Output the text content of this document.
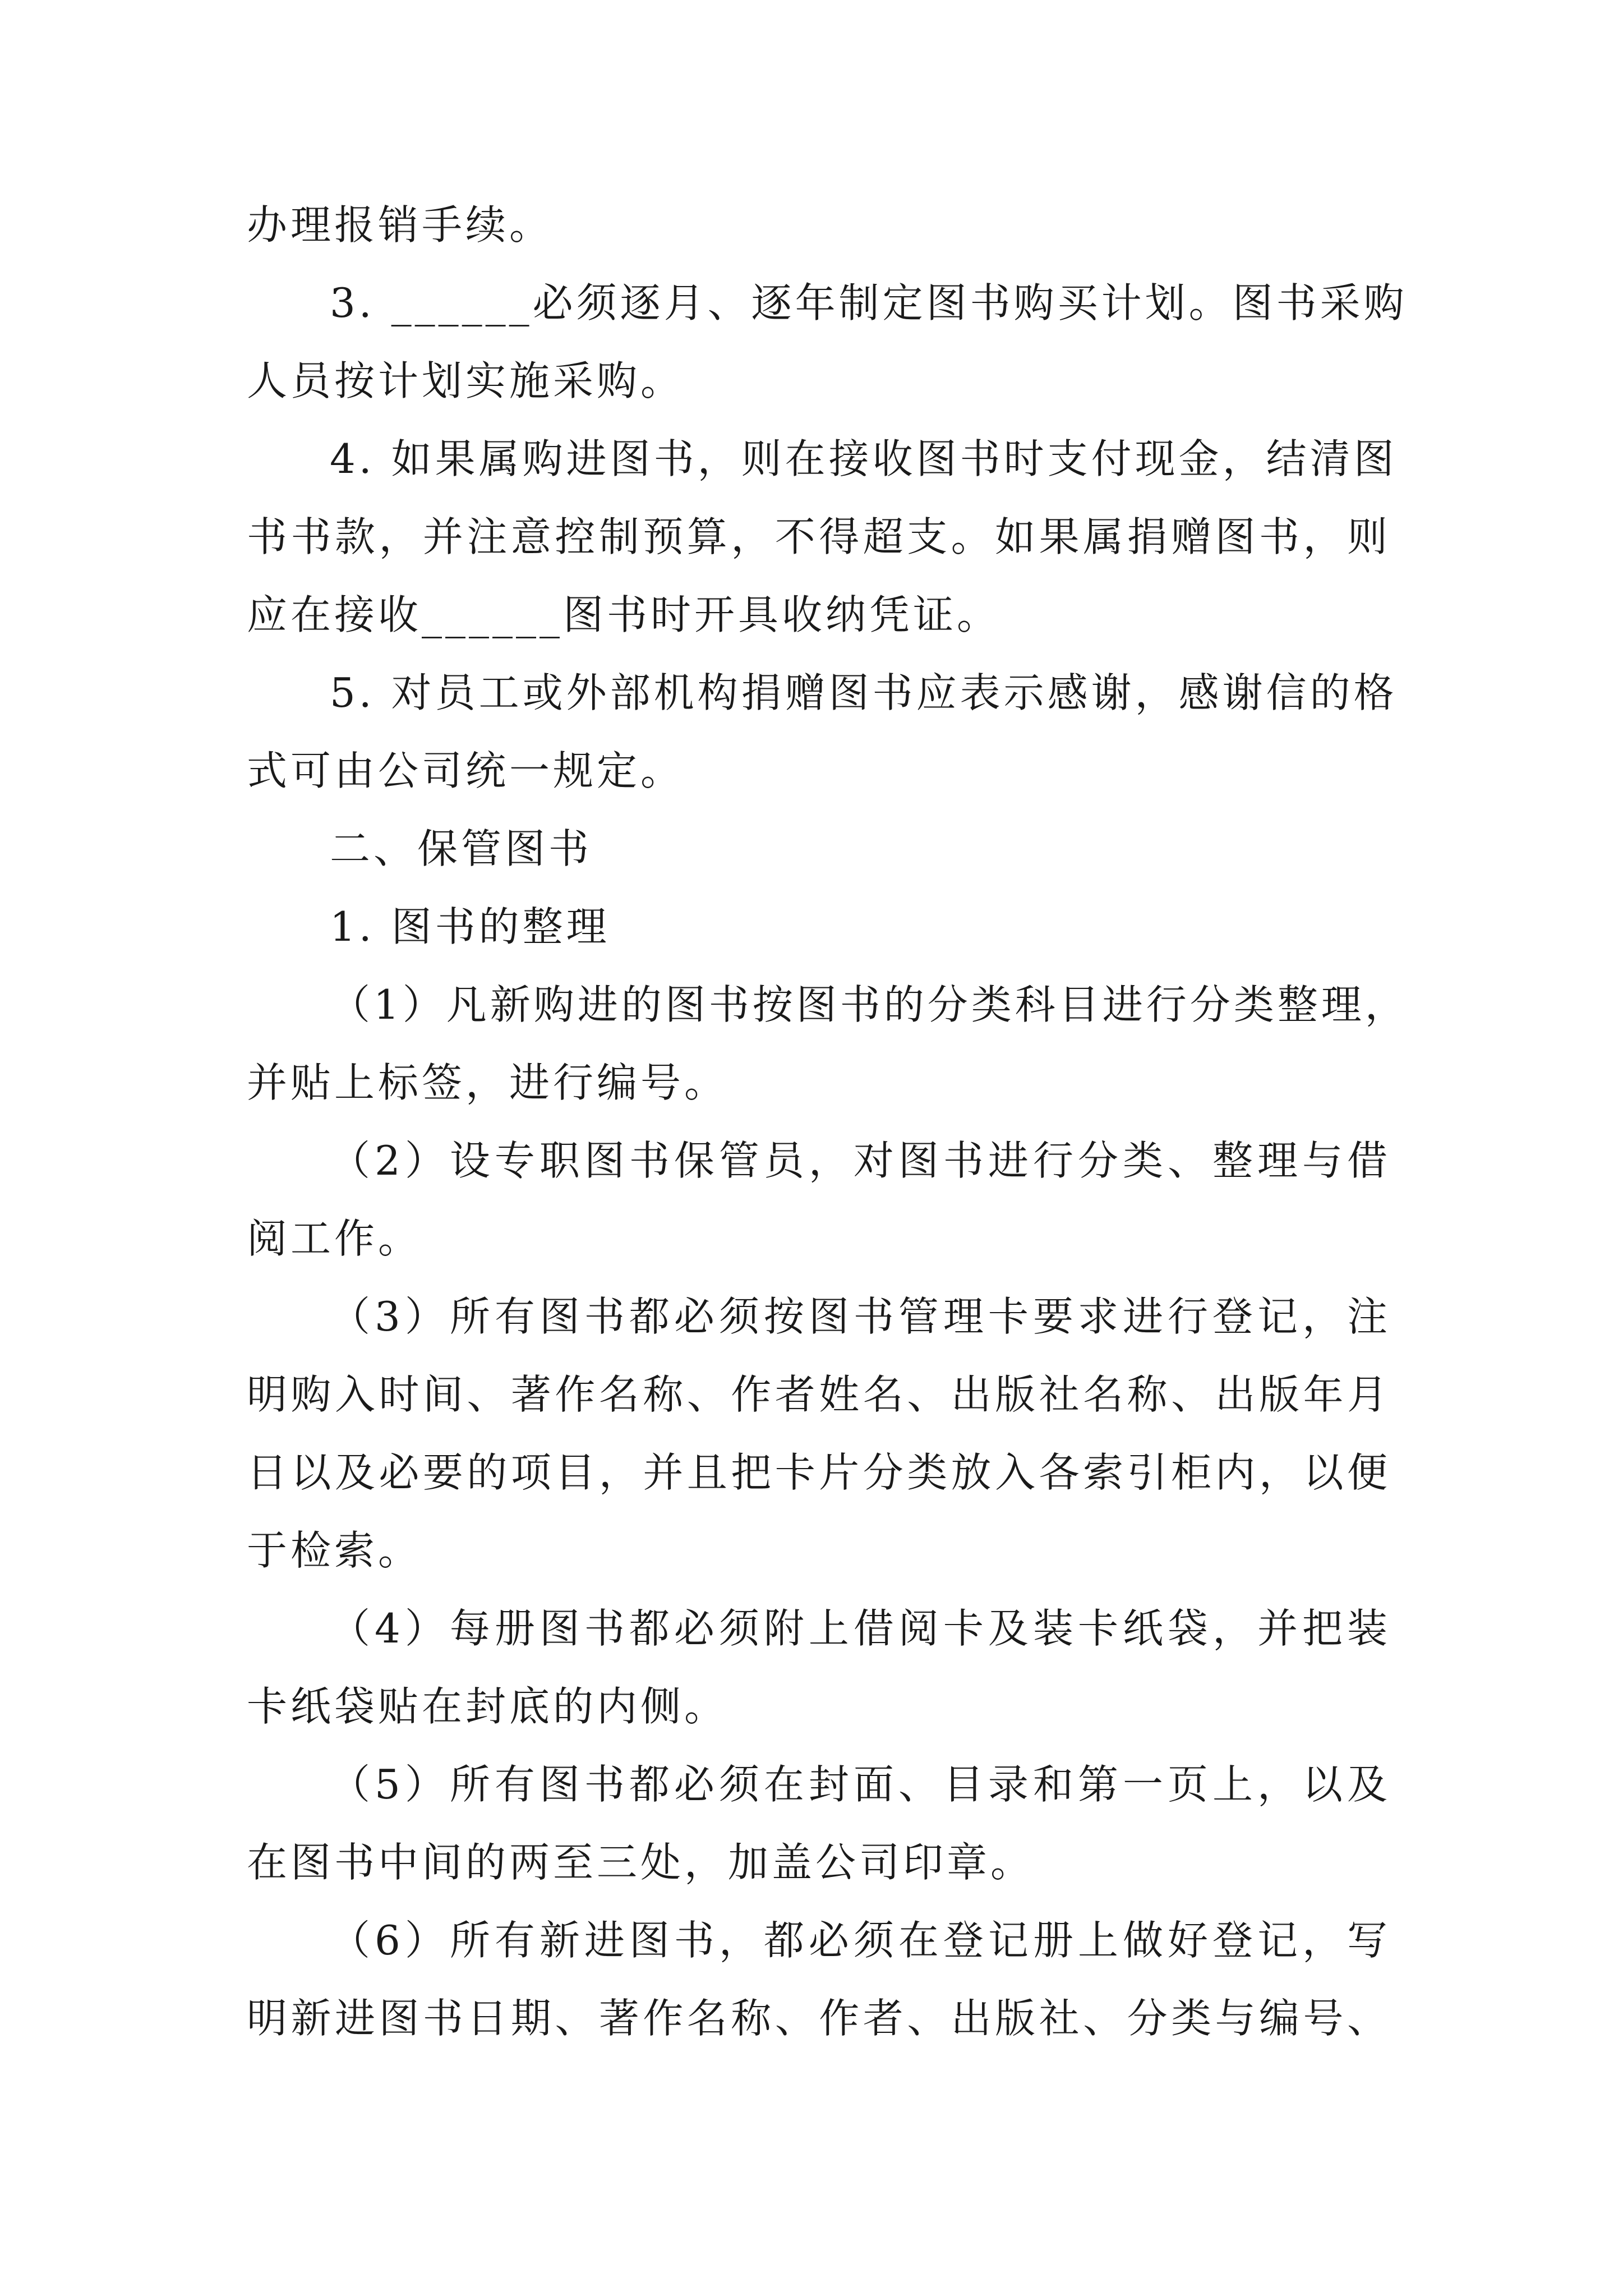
办理报销手续。
3. ______必须逐月、逐年制定图书购买计划。图书采购
人员按计划实施采购。
4. 如果属购进图书，则在接收图书时支付现金，结清图
书书款，并注意控制预算，不得超支。如果属捐赠图书，则
应在接收______图书时开具收纳凭证。
5. 对员工或外部机构捐赠图书应表示感谢，感谢信的格
式可由公司统一规定。
二、保管图书
1. 图书的整理
（1）凡新购进的图书按图书的分类科目进行分类整理，
并贴上标签，进行编号。
（2）设专职图书保管员，对图书进行分类、整理与借
阅工作。
（3）所有图书都必须按图书管理卡要求进行登记，注
明购入时间、著作名称、作者姓名、出版社名称、出版年月
日以及必要的项目，并且把卡片分类放入各索引柜内，以便
于检索。
（4）每册图书都必须附上借阅卡及装卡纸袋，并把装
卡纸袋贴在封底的内侧。
（5）所有图书都必须在封面、目录和第一页上，以及
在图书中间的两至三处，加盖公司印章。
（6）所有新进图书，都必须在登记册上做好登记，写
明新进图书日期、著作名称、作者、出版社、分类与编号、
